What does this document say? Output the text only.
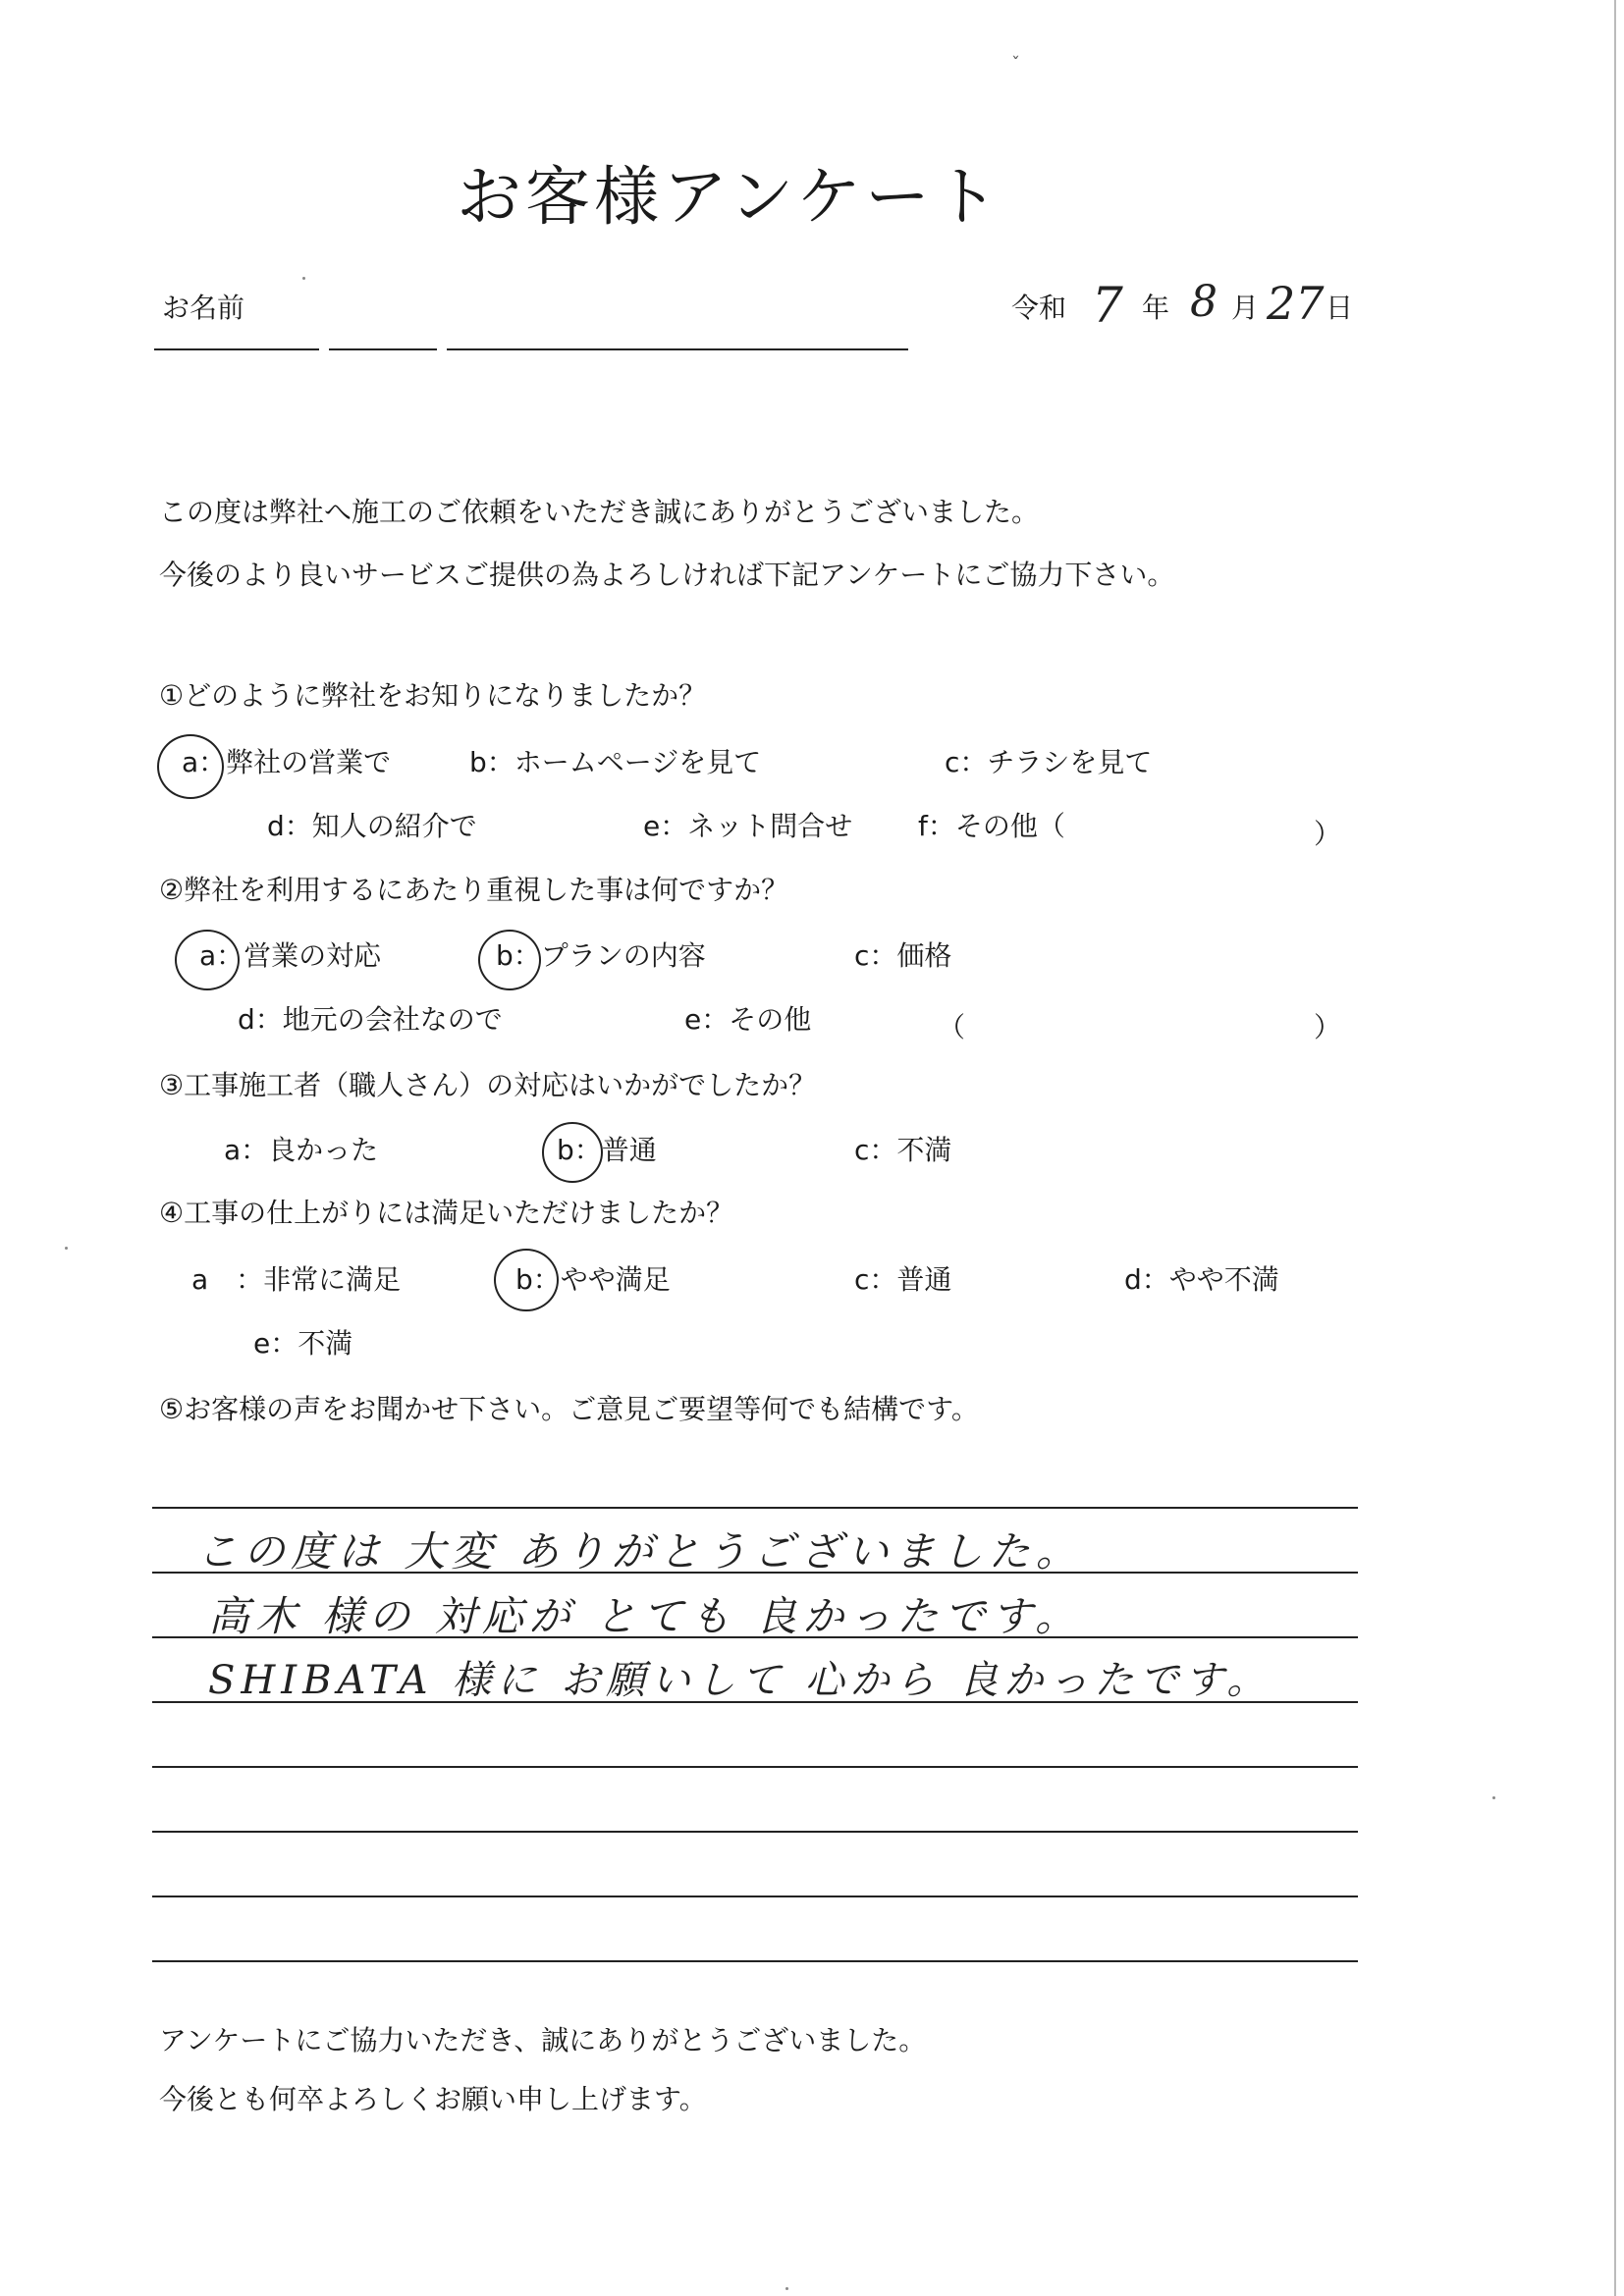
ˇ
お客様アンケート
お名前	令和 7 年 8 月 27 日
この度は弊社へ施工のご依頼をいただき誠にありがとうございました。
今後のより良いサービスご提供の為よろしければ下記アンケートにご協力下さい。
①どのように弊社をお知りになりましたか？
a：弊社の営業で	b：ホームページを見て	c：チラシを見て
d：知人の紹介で	e：ネット問合せ f：その他（	）
②弊社を利用するにあたり重視した事は何ですか？
a：営業の対応	b：プランの内容	c：価格
d：地元の会社なので	e：その他	（	）
③工事施工者（職人さん）の対応はいかがでしたか？
a：良かった	b：普通	c：不満
④工事の仕上がりには満足いただけましたか？
a　：非常に満足	b：やや満足	c：普通	d：やや不満
e：不満
⑤お客様の声をお聞かせ下さい。ご意見ご要望等何でも結構です。
この度は 大変 ありがとうございました。
高木 様の 対応が とても 良かったです。
SHIBATA 様に お願いして 心から 良かったです。
アンケートにご協力いただき、誠にありがとうございました。
今後とも何卒よろしくお願い申し上げます。
